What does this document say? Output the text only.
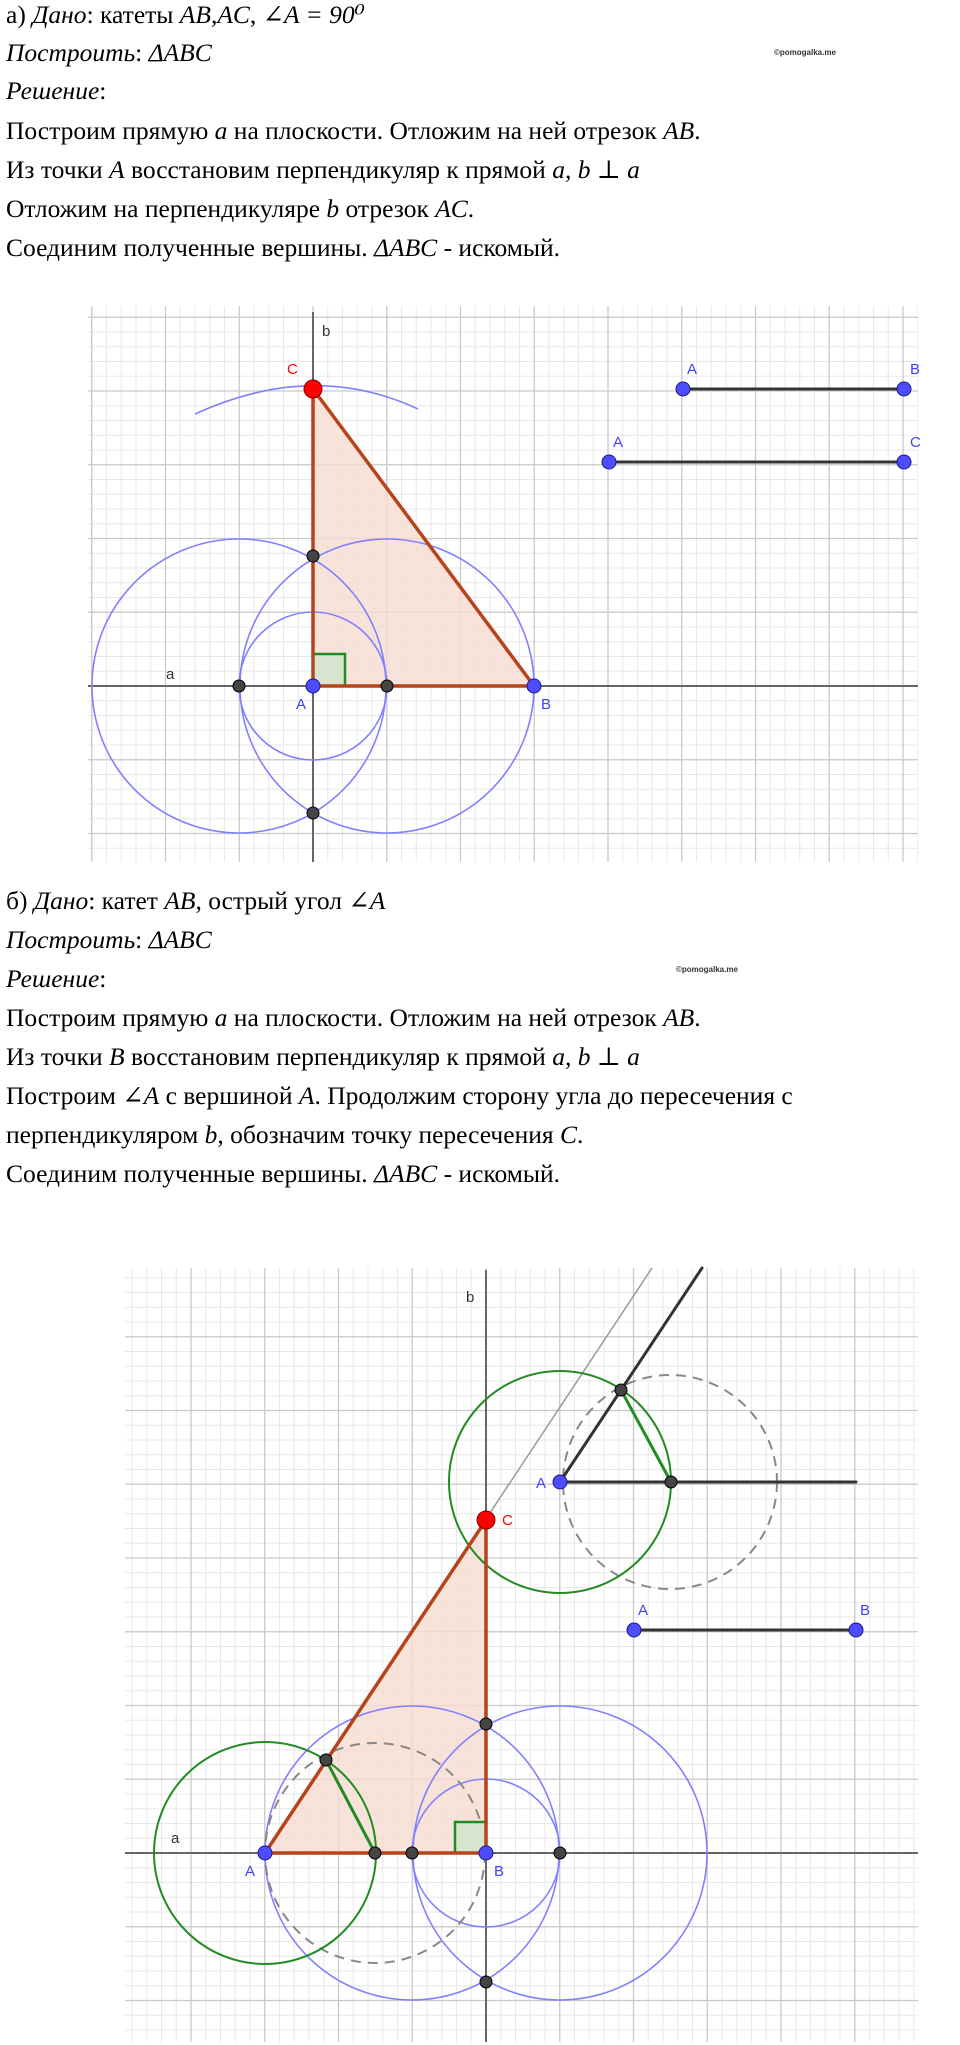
а) Дано: катеты AB,AC, ∠A = 90⁰
Построить: ΔABC
Решение:
Построим прямую a на плоскости. Отложим на ней отрезок AB.
Из точки A восстановим перпендикуляр к прямой a, b ⊥ a
Отложим на перпендикуляре b отрезок AC.
Соединим полученные вершины. ΔABC - искомый.
©pomogalka.me
a
b
A	B
A	B
A	C
C
б) Дано: катет AB, острый угол ∠A
Построить: ΔABC
Решение:
Построим прямую a на плоскости. Отложим на ней отрезок AB.
Из точки B восстановим перпендикуляр к прямой a, b ⊥ a
Построим ∠A с вершиной A. Продолжим сторону угла до пересечения с
перпендикуляром b, обозначим точку пересечения C.
Соединим полученные вершины. ΔABC - искомый.
©pomogalka.me
a
b
A	B
A
A	B
C
